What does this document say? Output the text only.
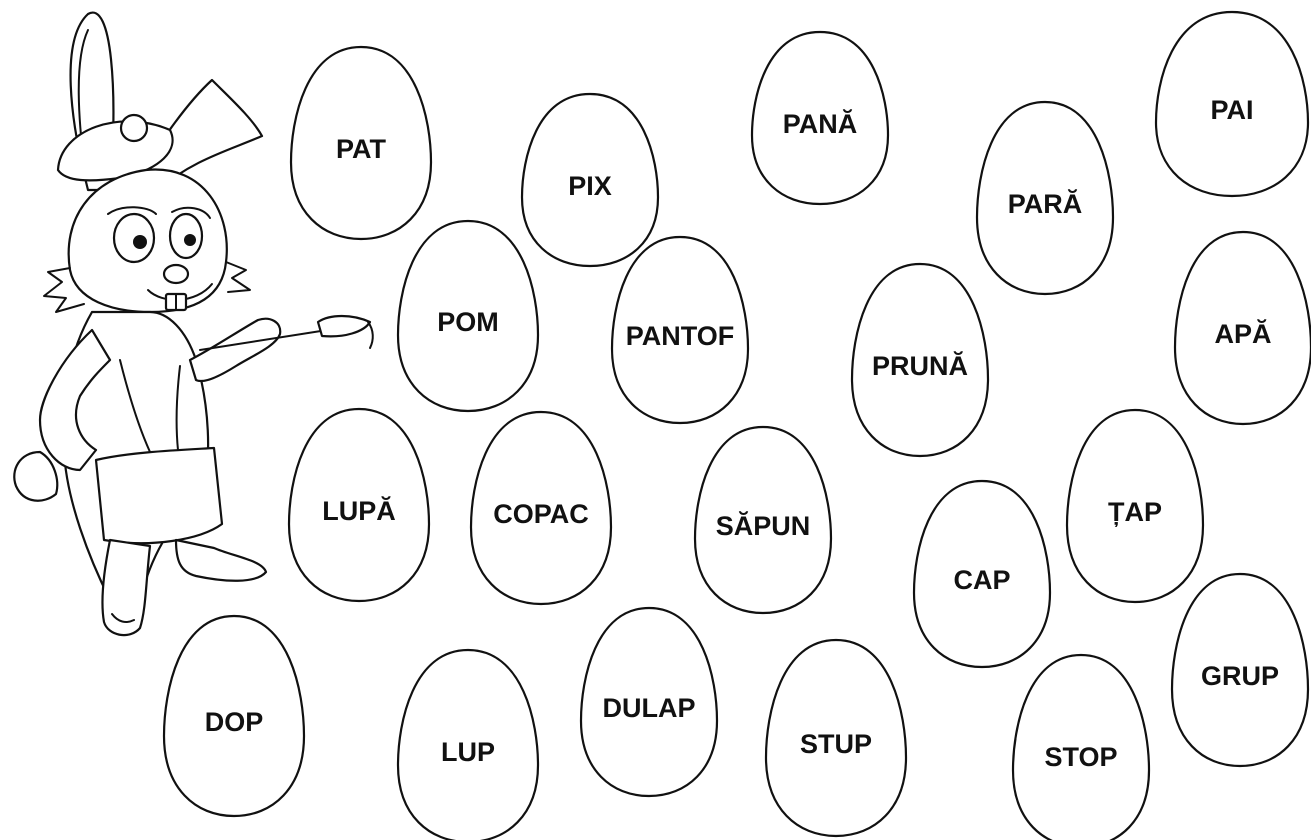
PAT
PIX
PANĂ
PARĂ
PAI
POM	PANTOF
PRUNĂ
APĂ
LUPĂ	COPAC	SĂPUN
CAP
ȚAP
DOP
LUP
DULAP
STUP	STOP
GRUP
